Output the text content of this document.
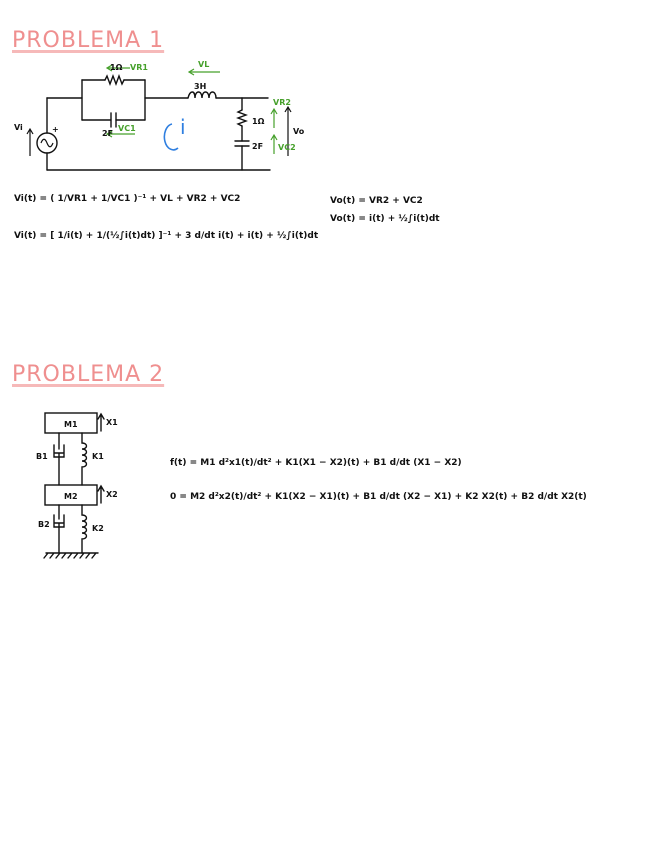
PROBLEMA 1
1Ω VR1	VL
3H
VR2
Vi	+	2F
VC1 i	1Ω
2F VC2
Vo
Vi(t) = ( 1/VR1 + 1/VC1 )⁻¹ + VL + VR2 + VC2
Vi(t) = [ 1/i(t) + 1/(½∫i(t)dt) ]⁻¹ + 3 d/dt i(t) + i(t) + ½∫i(t)dt
Vo(t) = VR2 + VC2
Vo(t) = i(t) + ½∫i(t)dt
PROBLEMA 2
M1
M2
X1
X2
B1	K1
B2	K2
f(t) = M1 d²x1(t)/dt² + K1(X1 − X2)(t) + B1 d/dt (X1 − X2)
0 = M2 d²x2(t)/dt² + K1(X2 − X1)(t) + B1 d/dt (X2 − X1) + K2 X2(t) + B2 d/dt X2(t)
